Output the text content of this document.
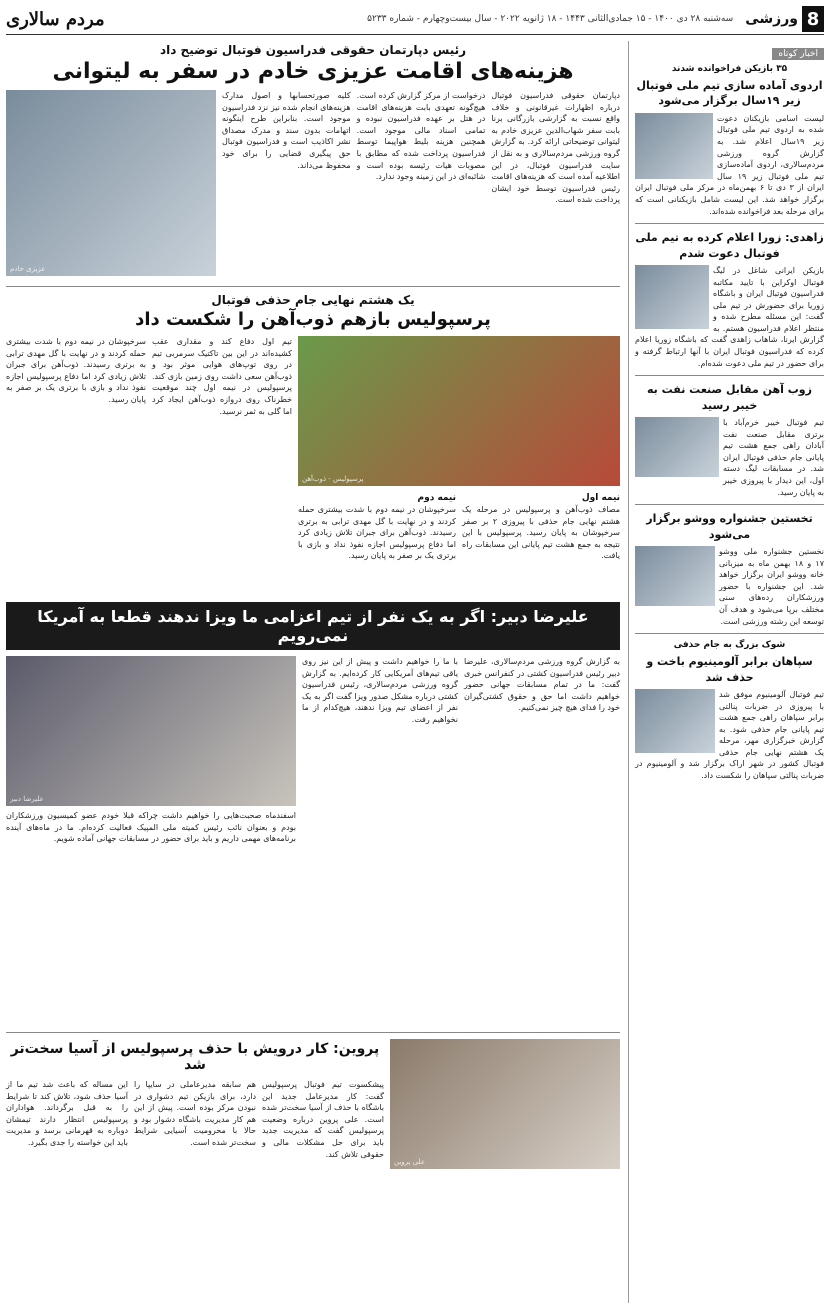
8
ورزشی
سه‌شنبه ۲۸ دی ۱۴۰۰ - ۱۵ جمادی‌الثانی ۱۴۴۳ - ۱۸ ژانویه ۲۰۲۲ - سال بیست‌وچهارم - شماره ۵۲۳۳
مردم سالاری
اخبار کوتاه
۳۵ بازیکن فراخوانده شدند
اردوی آماده سازی تیم ملی فوتبال زیر ۱۹سال برگزار می‌شود

لیست اسامی بازیکنان دعوت شده به اردوی تیم ملی فوتبال زیر ۱۹سال اعلام شد. به گزارش گروه ورزشی مردم‌سالاری، اردوی آماده‌سازی تیم ملی فوتبال زیر ۱۹ سال ایران از ۳ دی تا ۶ بهمن‌ماه در مرکز ملی فوتبال ایران برگزار خواهد شد. این لیست شامل بازیکنانی است که برای مرحله بعد فراخوانده شده‌اند.

زاهدی: زورا اعلام کرده به تیم ملی فوتبال دعوت شدم

بازیکن ایرانی شاغل در لیگ فوتبال اوکراین با تایید مکاتبه فدراسیون فوتبال ایران و باشگاه زوریا برای حضورش در تیم ملی گفت: این مسئله مطرح شده و منتظر اعلام فدراسیون هستم. به گزارش ایرنا، شاهاب زاهدی گفت که باشگاه زوریا اعلام کرده که فدراسیون فوتبال ایران با آنها ارتباط گرفته و برای حضور در تیم ملی دعوت شده‌ام.

زوب آهن مقابل صنعت نفت به خیبر رسید

تیم فوتبال خیبر خرم‌آباد با برتری مقابل صنعت نفت آبادان راهی جمع هشت تیم پایانی جام حذفی فوتبال ایران شد. در مسابقات لیگ دسته اول، این دیدار با پیروزی خیبر به پایان رسید.

تخستین جشنواره ووشو برگزار می‌شود

نخستین جشنواره ملی ووشو ۱۷ و ۱۸ بهمن ماه به میزبانی خانه ووشو ایران برگزار خواهد شد. این جشنواره با حضور ورزشکاران رده‌های سنی مختلف برپا می‌شود و هدف آن توسعه این رشته ورزشی است.

شوک بزرگ به جام حذفی
سپاهان برابر آلومینیوم باخت و حذف شد

تیم فوتبال آلومینیوم موفق شد با پیروزی در ضربات پنالتی برابر سپاهان راهی جمع هشت تیم پایانی جام حذفی شود. به گزارش خبرگزاری مهر، مرحله یک هشتم نهایی جام حذفی فوتبال کشور در شهر اراک برگزار شد و آلومینیوم در ضربات پنالتی سپاهان را شکست داد.

رئیس دپارتمان حقوقی فدراسیون فوتبال توضیح داد
هزینه‌های اقامت عزیزی خادم در سفر به لیتوانی

دپارتمان حقوقی فدراسیون فوتبال درباره اظهارات غیرقانونی و خلاف واقع نسبت به گزارشی بازرگانی برنا بابت سفر شهاب‌الدین عزیزی خادم به لیتوانی توضیحاتی ارائه کرد. به گزارش گروه ورزشی مردم‌سالاری و به نقل از سایت فدراسیون فوتبال، در این اطلاعیه آمده است که هزینه‌های اقامت رئیس فدراسیون توسط خود ایشان پرداخت شده است.

درخواست از مرکز گزارش کرده است. هیچ‌گونه تعهدی بابت هزینه‌های اقامت در هتل بر عهده فدراسیون نبوده و تمامی اسناد مالی موجود است. همچنین هزینه بلیط هواپیما توسط فدراسیون پرداخت شده که مطابق با مصوبات هیات رئیسه بوده است و شائبه‌ای در این زمینه وجود ندارد.

کلیه صورتحسابها و اصول مدارک هزینه‌های انجام شده نیز نزد فدراسیون موجود است. بنابراین طرح اینگونه اتهامات بدون سند و مدرک مصداق نشر اکاذیب است و فدراسیون فوتبال حق پیگیری قضایی را برای خود محفوظ می‌داند.

عزیزی خادم
یک هشتم نهایی جام حذفی فوتبال
پرسپولیس بازهم ذوب‌آهن را شکست داد
پرسپولیس - ذوب‌آهن
نیمه اول

مصاف ذوب‌آهن و پرسپولیس در مرحله یک هشتم نهایی جام حذفی با پیروزی ۲ بر صفر سرخپوشان به پایان رسید. پرسپولیس با این نتیجه به جمع هشت تیم پایانی این مسابقات راه یافت.

نیمه دوم

سرخپوشان در نیمه دوم با شدت بیشتری حمله کردند و در نهایت با گل مهدی ترابی به برتری رسیدند. ذوب‌آهن برای جبران تلاش زیادی کرد اما دفاع پرسپولیس اجازه نفوذ نداد و بازی با برتری یک بر صفر به پایان رسید.

تیم اول دفاع کند و مقداری عقب کشیده‌اند در این بین تاکتیک سرمربی تیم در روی توپ‌های هوایی موثر بود و ذوب‌آهن سعی داشت روی زمین بازی کند. پرسپولیس در نیمه اول چند موقعیت خطرناک روی دروازه ذوب‌آهن ایجاد کرد اما گلی به ثمر نرسید.

سرخپوشان در نیمه دوم با شدت بیشتری حمله کردند و در نهایت با گل مهدی ترابی به برتری رسیدند. ذوب‌آهن برای جبران تلاش زیادی کرد اما دفاع پرسپولیس اجازه نفوذ نداد و بازی با برتری یک بر صفر به پایان رسید.

علیرضا دبیر: اگر به یک نفر از تیم اعزامی ما ویزا ندهند قطعا به آمریکا نمی‌رویم

به گزارش گروه ورزشی مردم‌سالاری، علیرضا دبیر رئیس فدراسیون کشتی در کنفرانس خبری گفت: ما در تمام مسابقات جهانی حضور خواهیم داشت اما حق و حقوق کشتی‌گیران خود را فدای هیچ چیز نمی‌کنیم.

با ما را خواهیم داشت و پیش از این نیز روی یاقی تیم‌های آمریکایی کار کرده‌ایم. به گزارش گروه ورزشی مردم‌سالاری، رئیس فدراسیون کشتی درباره مشکل صدور ویزا گفت اگر به یک نفر از اعضای تیم ویزا ندهند، هیچ‌کدام از ما نخواهیم رفت.

علیرضا دبیر

اسفندماه صحبت‌هایی را خواهیم داشت چراکه قبلا خودم عضو کمیسیون ورزشکاران بودم و بعنوان نائب رئیس کمیته ملی المپیک فعالیت کرده‌ام. ما در ماه‌های آینده برنامه‌های مهمی داریم و باید برای حضور در مسابقات جهانی آماده شویم.

علی پروین
پروین: کار درویش با حذف پرسپولیس از آسیا سخت‌تر شد

پیشکسوت تیم فوتبال پرسپولیس گفت: کار مدیرعامل جدید این باشگاه با حذف از آسیا سخت‌تر شده است. علی پروین درباره وضعیت پرسپولیس گفت که مدیریت جدید باید برای حل مشکلات مالی و حقوقی تلاش کند.

هم سابقه مدیرعاملی در سایپا را دارد، برای بازیکن تیم دشواری در نبودن مرکز بوده است. پیش از این هم کار مدیریت باشگاه دشوار بود و حالا با محرومیت آسیایی شرایط سخت‌تر شده است.

این مساله که باعث شد تیم ما از آسیا حذف شود، تلاش کند تا شرایط را به قبل برگرداند. هواداران پرسپولیس انتظار دارند تیمشان دوباره به قهرمانی برسد و مدیریت باید این خواسته را جدی بگیرد.
